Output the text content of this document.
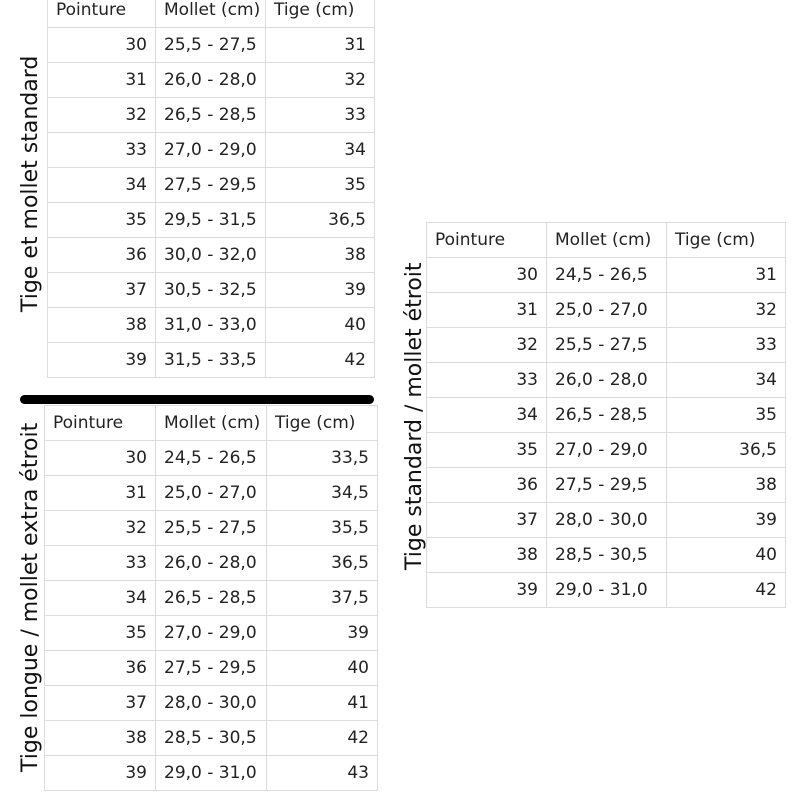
Tige et mollet standard
Pointure	Mollet (cm)	Tige (cm)
30	25,5 - 27,5	31
31	26,0 - 28,0	32
32	26,5 - 28,5	33
33	27,0 - 29,0	34
34	27,5 - 29,5	35
35	29,5 - 31,5	36,5
36	30,0 - 32,0	38
37	30,5 - 32,5	39
38	31,0 - 33,0	40
39	31,5 - 33,5	42
Tige longue / mollet extra étroit Pointure	Mollet (cm)	Tige (cm)
30	24,5 - 26,5	33,5
31	25,0 - 27,0	34,5
32	25,5 - 27,5	35,5
33	26,0 - 28,0	36,5
34	26,5 - 28,5	37,5
35	27,0 - 29,0	39
36	27,5 - 29,5	40
37	28,0 - 30,0	41
38	28,5 - 30,5	42
39	29,0 - 31,0	43
Tige standard / mollet étroit
Pointure	Mollet (cm)	Tige (cm)
30	24,5 - 26,5	31
31	25,0 - 27,0	32
32	25,5 - 27,5	33
33	26,0 - 28,0	34
34	26,5 - 28,5	35
35	27,0 - 29,0	36,5
36	27,5 - 29,5	38
37	28,0 - 30,0	39
38	28,5 - 30,5	40
39	29,0 - 31,0	42
